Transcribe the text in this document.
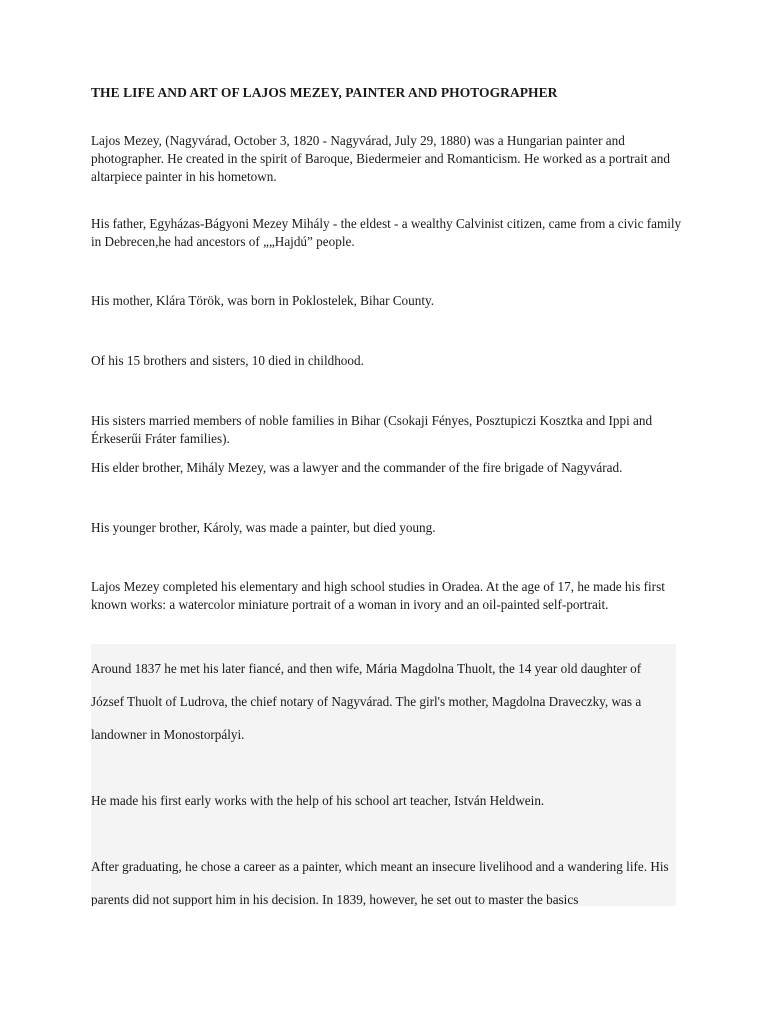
THE LIFE AND ART OF LAJOS MEZEY, PAINTER AND PHOTOGRAPHER
Lajos Mezey, (Nagyvárad, October 3, 1820 - Nagyvárad, July 29, 1880) was a Hungarian painter and photographer. He created in the spirit of Baroque, Biedermeier and Romanticism. He worked as a portrait and altarpiece painter in his hometown.
His father, Egyházas-Bágyoni Mezey Mihály - the eldest - a wealthy Calvinist citizen, came from a civic family in Debrecen,he had ancestors of „„Hajdú” people.
His mother, Klára Török, was born in Poklostelek, Bihar County.
Of his 15 brothers and sisters, 10 died in childhood.
His sisters married members of noble families in Bihar (Csokaji Fényes, Posztupiczi Kosztka and Ippi and Érkeserűi Fráter families).
His elder brother, Mihály Mezey, was a lawyer and the commander of the fire brigade of Nagyvárad.
His younger brother, Károly, was made a painter, but died young.
Lajos Mezey completed his elementary and high school studies in Oradea. At the age of 17, he made his first known works: a watercolor miniature portrait of a woman in ivory and an oil-painted self-portrait.
Around 1837 he met his later fiancé, and then wife, Mária Magdolna Thuolt, the 14 year old daughter of József Thuolt of Ludrova, the chief notary of Nagyvárad. The girl's mother, Magdolna Draveczky, was a landowner in Monostorpályi.
He made his first early works with the help of his school art teacher, István Heldwein.
After graduating, he chose a career as a painter, which meant an insecure livelihood and a wandering life. His parents did not support him in his decision. In 1839, however, he set out to master the basics
